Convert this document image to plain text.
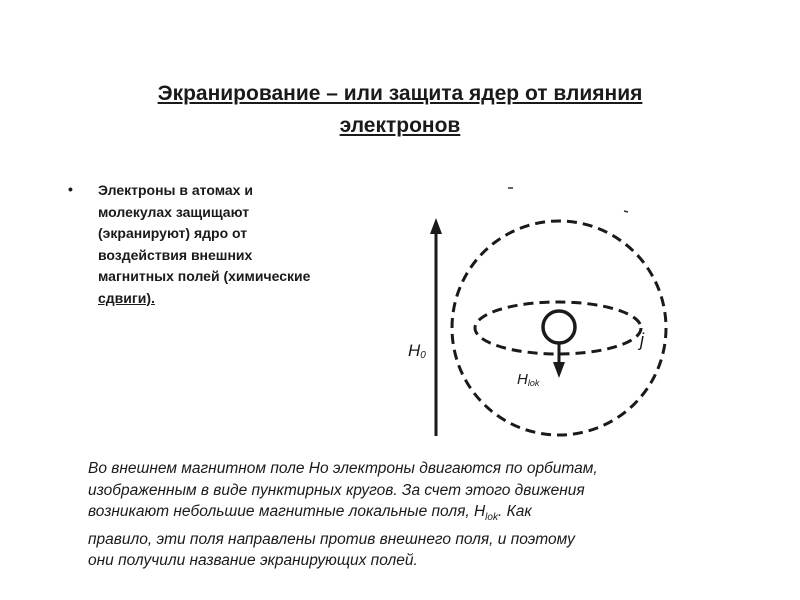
Экранирование – или защита ядер от влияния
электронов
• Электроны в атомах и
молекулах защищают
(экранируют) ядро от
воздействия внешних
магнитных полей (химические
сдвиги).
H0
Hlok
j
Во внешнем магнитном поле Но электроны двигаются по орбитам,
изображенным в виде пунктирных кругов. За счет этого движения
возникают небольшие магнитные локальные поля, $H_{lok}$. Как
правило, эти поля направлены против внешнего поля, и поэтому
они получили название экранирующих полей.
